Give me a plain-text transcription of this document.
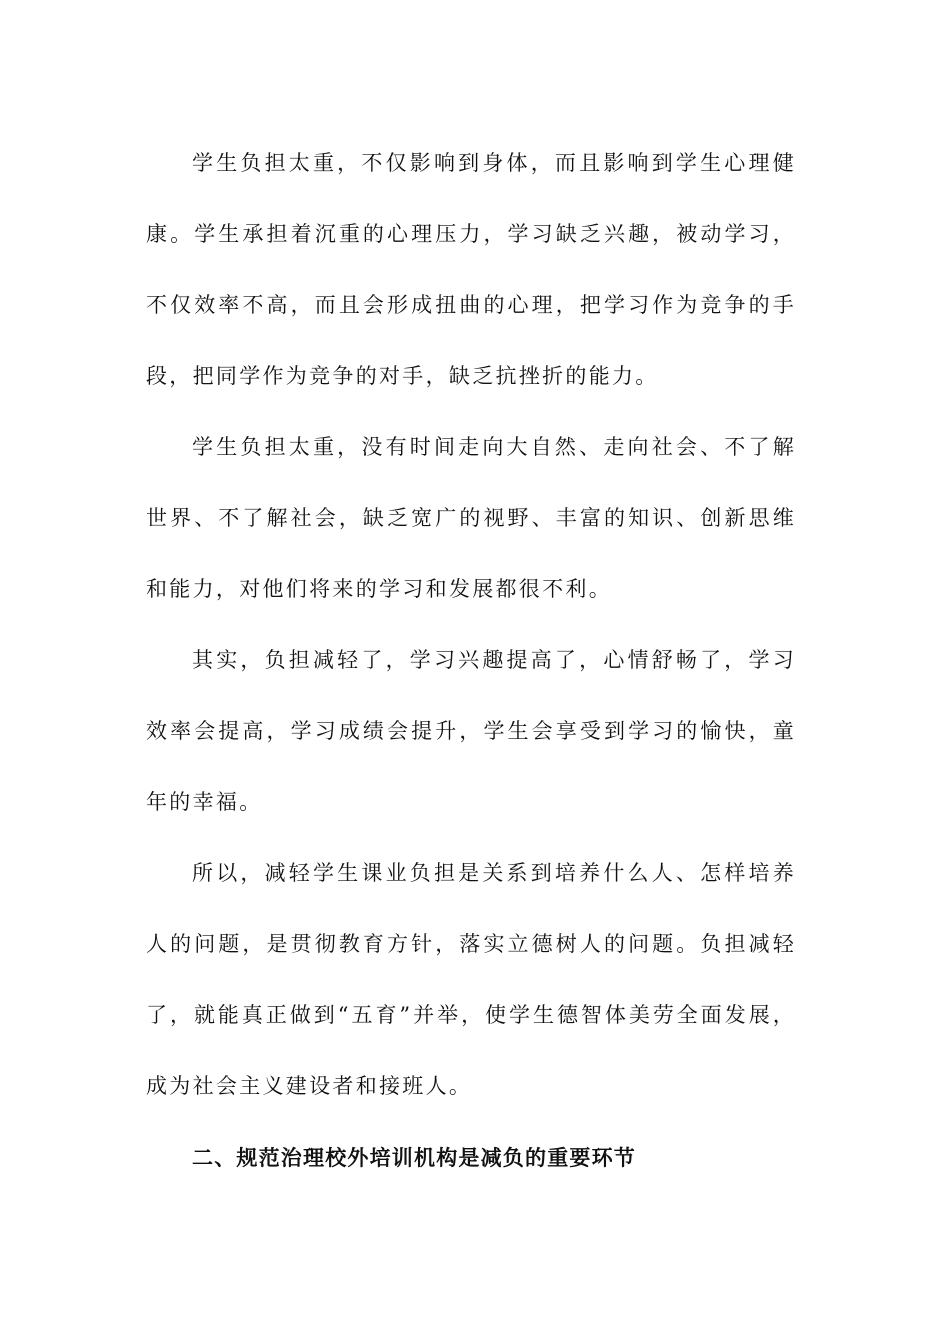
学生负担太重，不仅影响到身体，而且影响到学生心理健康。学生承担着沉重的心理压力，学习缺乏兴趣，被动学习，不仅效率不高，而且会形成扭曲的心理，把学习作为竞争的手段，把同学作为竞争的对手，缺乏抗挫折的能力。

学生负担太重，没有时间走向大自然、走向社会、不了解世界、不了解社会，缺乏宽广的视野、丰富的知识、创新思维和能力，对他们将来的学习和发展都很不利。

其实，负担减轻了，学习兴趣提高了，心情舒畅了，学习效率会提高，学习成绩会提升，学生会享受到学习的愉快，童年的幸福。

所以，减轻学生课业负担是关系到培养什么人、怎样培养人的问题，是贯彻教育方针，落实立德树人的问题。负担减轻了，就能真正做到“五育”并举，使学生德智体美劳全面发展，成为社会主义建设者和接班人。

二、规范治理校外培训机构是减负的重要环节
